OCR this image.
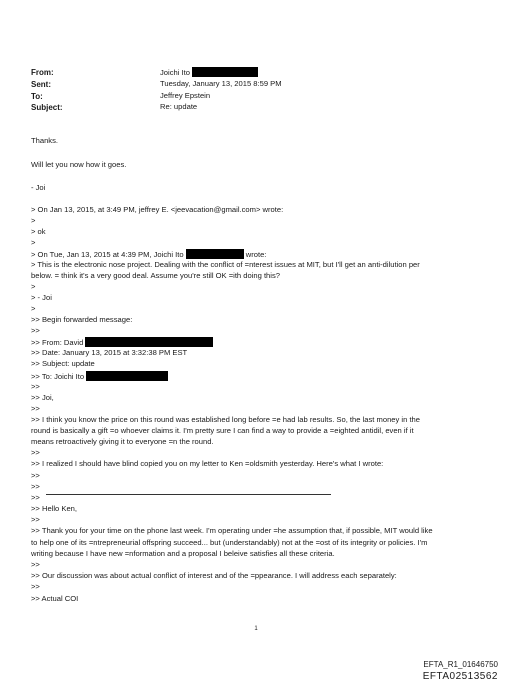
From:	Joichi Ito
Sent:	Tuesday, January 13, 2015 8:59 PM
To:	Jeffrey Epstein
Subject:	Re: update
Thanks.
Will let you now how it goes.
- Joi
> On Jan 13, 2015, at 3:49 PM, jeffrey E. <jeevacation@gmail.com> wrote:
>
> ok
>
> On Tue, Jan 13, 2015 at 4:39 PM, Joichi Ito	wrote:
> This is the electronic nose project. Dealing with the conflict of =nterest issues at MIT, but I'll get an anti-dilution per
below. = think it's a very good deal. Assume you're still OK =ith doing this?
>
> - Joi
>
>> Begin forwarded message:
>>
>> From: David
>> Date: January 13, 2015 at 3:32:38 PM EST
>> Subject: update
>> To: Joichi Ito
>>
>> Joi,
>>
>> I think you know the price on this round was established long before =e had lab results. So, the last money in the
round is basically a gift =o whoever claims it. I'm pretty sure I can find a way to provide a =eighted antidil, even if it
means retroactively giving it to everyone =n the round.
>>
>> I realized I should have blind copied you on my letter to Ken =oldsmith yesterday. Here's what I wrote:
>>
>>
>>
>> Hello Ken,
>>
>> Thank you for your time on the phone last week. I'm operating under =he assumption that, if possible, MIT would like
to help one of its =ntrepreneurial offspring succeed... but (understandably) not at the =ost of its integrity or policies. I'm
writing because I have new =nformation and a proposal I beleive satisfies all these criteria.
>>
>> Our discussion was about actual conflict of interest and of the =ppearance. I will address each separately:
>>
>> Actual COI
1
EFTA_R1_01646750
EFTA02513562
